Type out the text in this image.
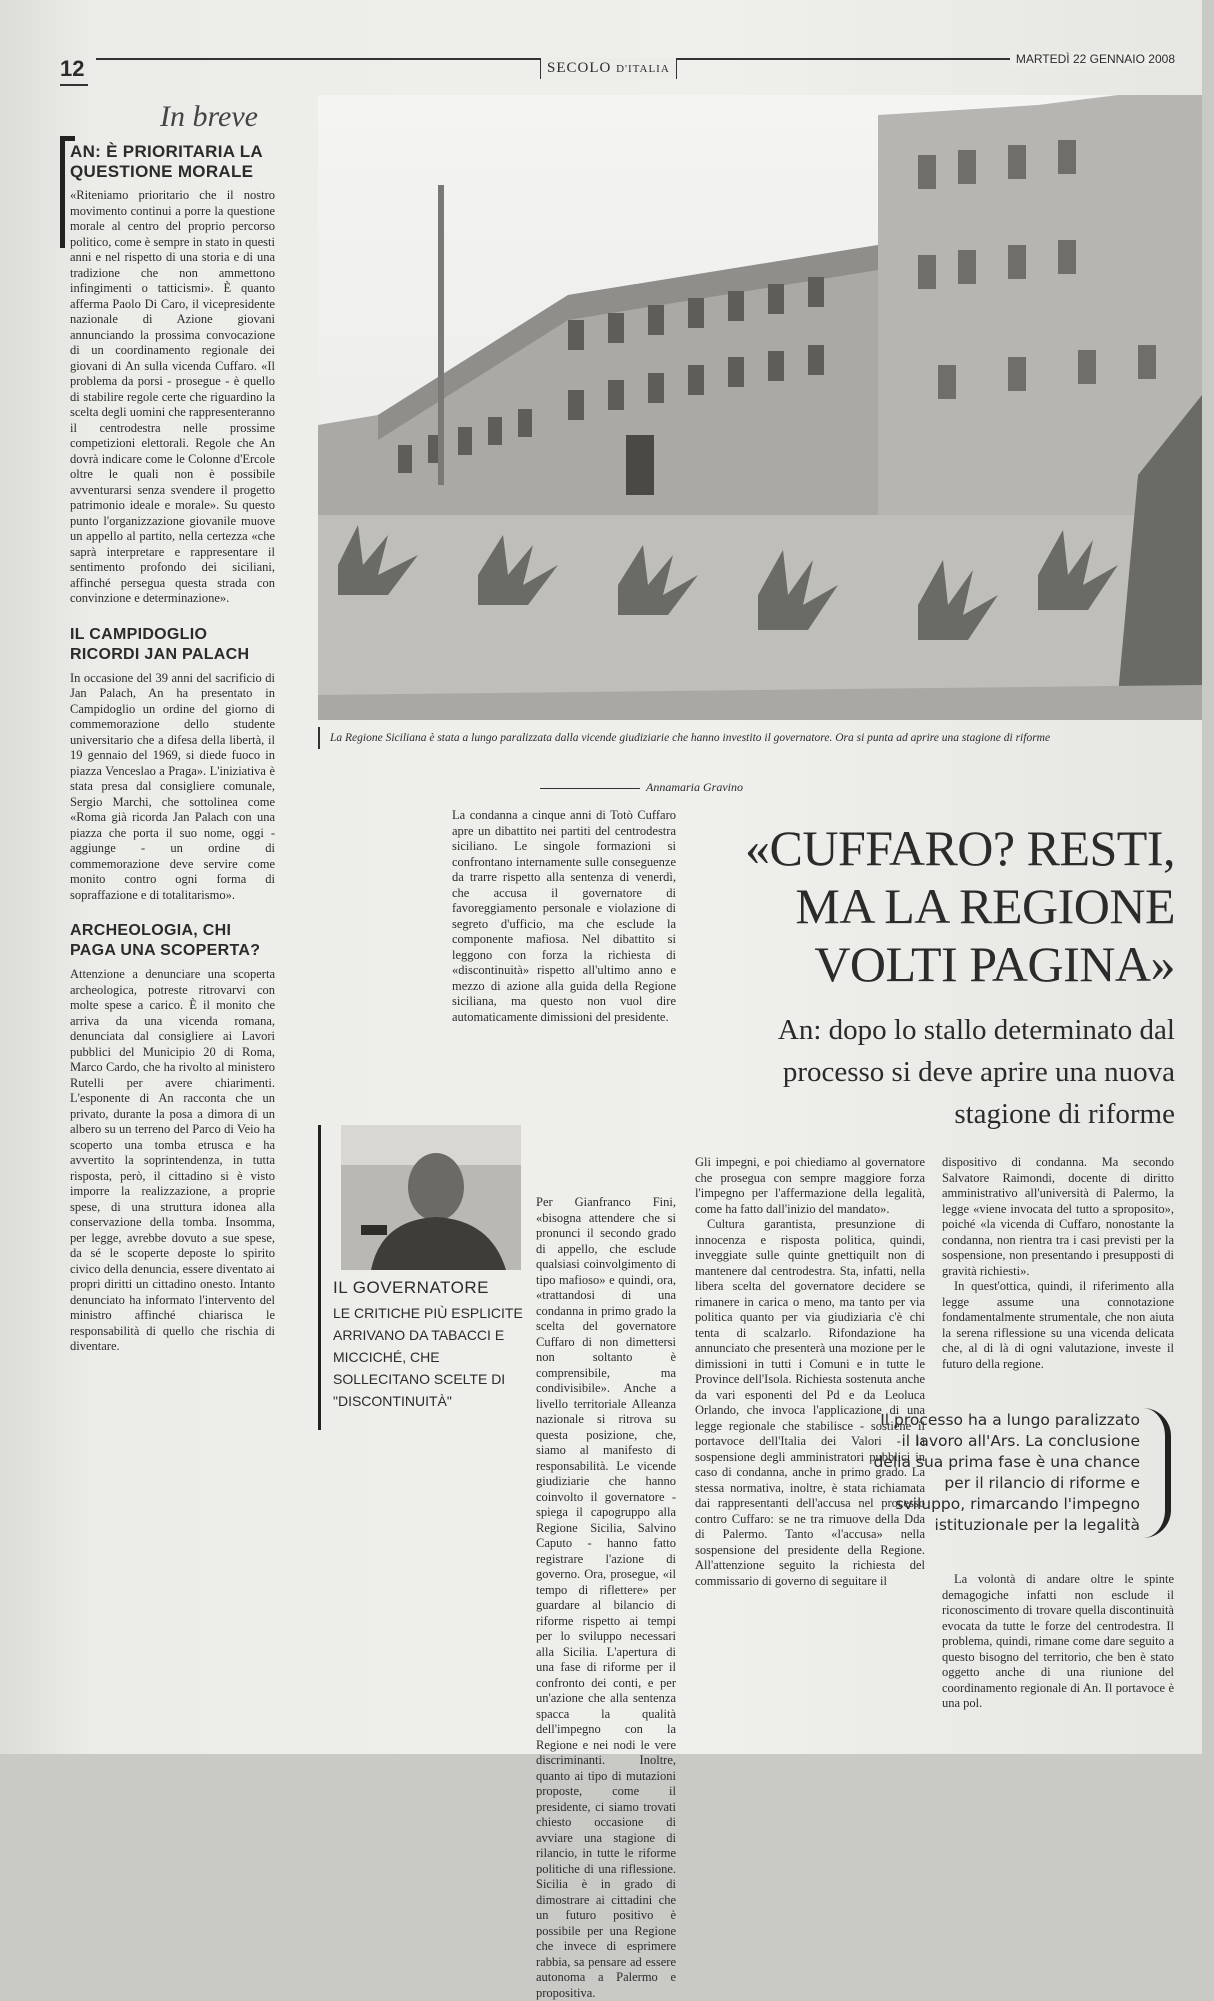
12	SECOLO D'ITALIA
MARTEDÌ 22 GENNAIO 2008
In breve
AN: È PRIORITARIA LA QUESTIONE MORALE

«Riteniamo prioritario che il nostro movimento continui a porre la questione morale al centro del proprio percorso politico, come è sempre in stato in questi anni e nel rispetto di una storia e di una tradizione che non ammettono infingimenti o tatticismi». È quanto afferma Paolo Di Caro, il vicepresidente nazionale di Azione giovani annunciando la prossima convocazione di un coordinamento regionale dei giovani di An sulla vicenda Cuffaro. «Il problema da porsi - prosegue - è quello di stabilire regole certe che riguardino la scelta degli uomini che rappresenteranno il centrodestra nelle prossime competizioni elettorali. Regole che An dovrà indicare come le Colonne d'Ercole oltre le quali non è possibile avventurarsi senza svendere il progetto patrimonio ideale e morale». Su questo punto l'organizzazione giovanile muove un appello al partito, nella certezza «che saprà interpretare e rappresentare il sentimento profondo dei siciliani, affinché persegua questa strada con convinzione e determinazione».

IL CAMPIDOGLIO RICORDI JAN PALACH

In occasione del 39 anni del sacrificio di Jan Palach, An ha presentato in Campidoglio un ordine del giorno di commemorazione dello studente universitario che a difesa della libertà, il 19 gennaio del 1969, si diede fuoco in piazza Venceslao a Praga». L'iniziativa è stata presa dal consigliere comunale, Sergio Marchi, che sottolinea come «Roma già ricorda Jan Palach con una piazza che porta il suo nome, oggi - aggiunge - un ordine di commemorazione deve servire come monito contro ogni forma di sopraffazione e di totalitarismo».

ARCHEOLOGIA, CHI PAGA UNA SCOPERTA?

Attenzione a denunciare una scoperta archeologica, potreste ritrovarvi con molte spese a carico. È il monito che arriva da una vicenda romana, denunciata dal consigliere ai Lavori pubblici del Municipio 20 di Roma, Marco Cardo, che ha rivolto al ministero Rutelli per avere chiarimenti. L'esponente di An racconta che un privato, durante la posa a dimora di un albero su un terreno del Parco di Veio ha scoperto una tomba etrusca e ha avvertito la soprintendenza, in tutta risposta, però, il cittadino si è visto imporre la realizzazione, a proprie spese, di una struttura idonea alla conservazione della tomba. Insomma, per legge, avrebbe dovuto a sue spese, da sé le scoperte deposte lo spirito civico della denuncia, essere diventato ai propri diritti un cittadino onesto. Intanto denunciato ha informato l'intervento del ministro affinché chiarisca le responsabilità di quello che rischia di diventare.

La Regione Siciliana è stata a lungo paralizzata dalla vicende giudiziarie che hanno investito il governatore. Ora si punta ad aprire una stagione di riforme
Annamaria Gravino
«CUFFARO? RESTI, MA LA REGIONE VOLTI PAGINA»
An: dopo lo stallo determinato dal processo si deve aprire una nuova stagione di riforme

La condanna a cinque anni di Totò Cuffaro apre un dibattito nei partiti del centrodestra siciliano. Le singole formazioni si confrontano internamente sulle conseguenze da trarre rispetto alla sentenza di venerdì, che accusa il governatore di favoreggiamento personale e violazione di segreto d'ufficio, ma che esclude la componente mafiosa. Nel dibattito si leggono con forza la richiesta di «discontinuità» rispetto all'ultimo anno e mezzo di azione alla guida della Regione siciliana, ma questo non vuol dire automaticamente dimissioni del presidente.

IL GOVERNATORE
LE CRITICHE PIÙ ESPLICITE ARRIVANO DA TABACCI E MICCICHÉ, CHE SOLLECITANO SCELTE DI "DISCONTINUITÀ"

Per Gianfranco Fini, «bisogna attendere che si pronunci il secondo grado di appello, che esclude qualsiasi coinvolgimento di tipo mafioso» e quindi, ora, «trattandosi di una condanna in primo grado la scelta del governatore Cuffaro di non dimettersi non soltanto è comprensibile, ma condivisibile». Anche a livello territoriale Alleanza nazionale si ritrova su questa posizione, che, siamo al manifesto di responsabilità. Le vicende giudiziarie che hanno coinvolto il governatore - spiega il capogruppo alla Regione Sicilia, Salvino Caputo - hanno fatto registrare l'azione di governo. Ora, prosegue, «il tempo di riflettere» per guardare al bilancio di riforme rispetto ai tempi per lo sviluppo necessari alla Sicilia. L'apertura di una fase di riforme per il confronto dei conti, e per un'azione che alla sentenza spacca la qualità dell'impegno con la Regione e nei nodi le vere discriminanti. Inoltre, quanto ai tipo di mutazioni proposte, come il presidente, ci siamo trovati chiesto occasione di avviare una stagione di rilancio, in tutte le riforme politiche di una riflessione. Sicilia è in grado di dimostrare ai cittadini che un futuro positivo è possibile per una Regione che invece di esprimere rabbia, sa pensare ad essere autonoma a Palermo e propositiva.

Gli impegni, e poi chiediamo al governatore che prosegua con sempre maggiore forza l'impegno per l'affermazione della legalità, come ha fatto dall'inizio del mandato».

Cultura garantista, presunzione di innocenza e risposta politica, quindi, inveggiate sulle quinte gnettiquilt non di mantenere dal centrodestra. Sta, infatti, nella libera scelta del governatore decidere se rimanere in carica o meno, ma tanto per via politica quanto per via giudiziaria c'è chi tenta di scalzarlo. Rifondazione ha annunciato che presenterà una mozione per le dimissioni in tutti i Comuni e in tutte le Province dell'Isola. Richiesta sostenuta anche da vari esponenti del Pd e da Leoluca Orlando, che invoca l'applicazione di una legge regionale che stabilisce - sostiene il portavoce dell'Italia dei Valori - la sospensione degli amministratori pubblici in caso di condanna, anche in primo grado. La stessa normativa, inoltre, è stata richiamata dai rappresentanti dell'accusa nel processo contro Cuffaro: se ne tra rimuove della Dda di Palermo. Tanto «l'accusa» nella sospensione del presidente della Regione. All'attenzione seguito la richiesta del commissario di governo di seguitare il

dispositivo di condanna. Ma secondo Salvatore Raimondi, docente di diritto amministrativo all'università di Palermo, la legge «viene invocata del tutto a sproposito», poiché «la vicenda di Cuffaro, nonostante la condanna, non rientra tra i casi previsti per la sospensione, non presentando i presupposti di gravità richiesti».

In quest'ottica, quindi, il riferimento alla legge assume una connotazione fondamentalmente strumentale, che non aiuta la serena riflessione su una vicenda delicata che, al di là di ogni valutazione, investe il futuro della regione.

Il processo ha a lungo paralizzato il lavoro all'Ars. La conclusione della sua prima fase è una chance per il rilancio di riforme e sviluppo, rimarcando l'impegno istituzionale per la legalità

La volontà di andare oltre le spinte demagogiche infatti non esclude il riconoscimento di trovare quella discontinuità evocata da tutte le forze del centrodestra. Il problema, quindi, rimane come dare seguito a questo bisogno del territorio, che ben è stato oggetto anche di una riunione del coordinamento regionale di An. Il portavoce è una pol.
